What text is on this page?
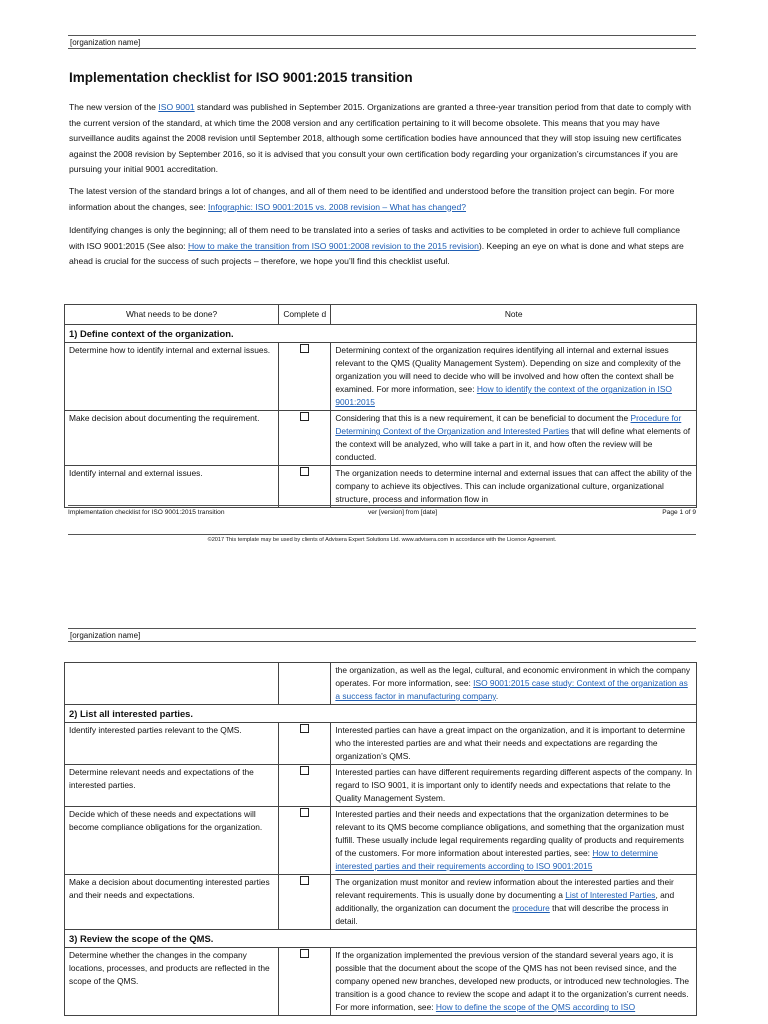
[organization name]
Implementation checklist for ISO 9001:2015 transition

The new version of the ISO 9001 standard was published in September 2015. Organizations are granted a three-year transition period from that date to comply with the current version of the standard, at which time the 2008 version and any certification pertaining to it will become obsolete. This means that you may have surveillance audits against the 2008 revision until September 2018, although some certification bodies have announced that they will stop issuing new certificates against the 2008 revision by September 2016, so it is advised that you consult your own certification body regarding your organization’s circumstances if you are pursuing your initial 9001 accreditation.

The latest version of the standard brings a lot of changes, and all of them need to be identified and understood before the transition project can begin. For more information about the changes, see: Infographic: ISO 9001:2015 vs. 2008 revision – What has changed?

Identifying changes is only the beginning; all of them need to be translated into a series of tasks and activities to be completed in order to achieve full compliance with ISO 9001:2015 (See also: How to make the transition from ISO 9001:2008 revision to the 2015 revision). Keeping an eye on what is done and what steps are ahead is crucial for the success of such projects – therefore, we hope you’ll find this checklist useful.

What needs to be done?	Complete d	Note
1) Define context of the organization.		
Determine how to identify internal and external issues.		Determining context of the organization requires identifying all internal and external issues relevant to the QMS (Quality Management System). Depending on size and complexity of the organization you will need to decide who will be involved and how often the context shall be examined. For more information, see: How to identify the context of the organization in ISO 9001:2015
Make decision about documenting the requirement.		Considering that this is a new requirement, it can be beneficial to document the Procedure for Determining Context of the Organization and Interested Parties that will define what elements of the context will be analyzed, who will take a part in it, and how often the review will be conducted.
Identify internal and external issues.		The organization needs to determine internal and external issues that can affect the ability of the company to achieve its objectives. This can include organizational culture, organizational structure, process and information flow in
Implementation checklist for ISO 9001:2015 transition	ver [version] from [date]	Page 1 of 9
©2017 This template may be used by clients of Advisera Expert Solutions Ltd. www.advisera.com in accordance with the Licence Agreement.
[organization name]
		the organization, as well as the legal, cultural, and economic environment in which the company operates. For more information, see: ISO 9001:2015 case study: Context of the organization as a success factor in manufacturing company.
2) List all interested parties.		
Identify interested parties relevant to the QMS.		Interested parties can have a great impact on the organization, and it is important to determine who the interested parties are and what their needs and expectations are regarding the organization’s QMS.
Determine relevant needs and expectations of the interested parties.		Interested parties can have different requirements regarding different aspects of the company. In regard to ISO 9001, it is important only to identify needs and expectations that relate to the Quality Management System.
Decide which of these needs and expectations will become compliance obligations for the organization.		Interested parties and their needs and expectations that the organization determines to be relevant to its QMS become compliance obligations, and something that the organization must fulfill. These usually include legal requirements regarding quality of products and requirements of the customers. For more information about interested parties, see: How to determine interested parties and their requirements according to ISO 9001:2015
Make a decision about documenting interested parties and their needs and expectations.		The organization must monitor and review information about the interested parties and their relevant requirements. This is usually done by documenting a List of Interested Parties, and additionally, the organization can document the procedure that will describe the process in detail.
3) Review the scope of the QMS.		
Determine whether the changes in the company locations, processes, and products are reflected in the scope of the QMS.		If the organization implemented the previous version of the standard several years ago, it is possible that the document about the scope of the QMS has not been revised since, and the company opened new branches, developed new products, or introduced new technologies. The transition is a good chance to review the scope and adapt it to the organization’s current needs. For more information, see: How to define the scope of the QMS according to ISO
